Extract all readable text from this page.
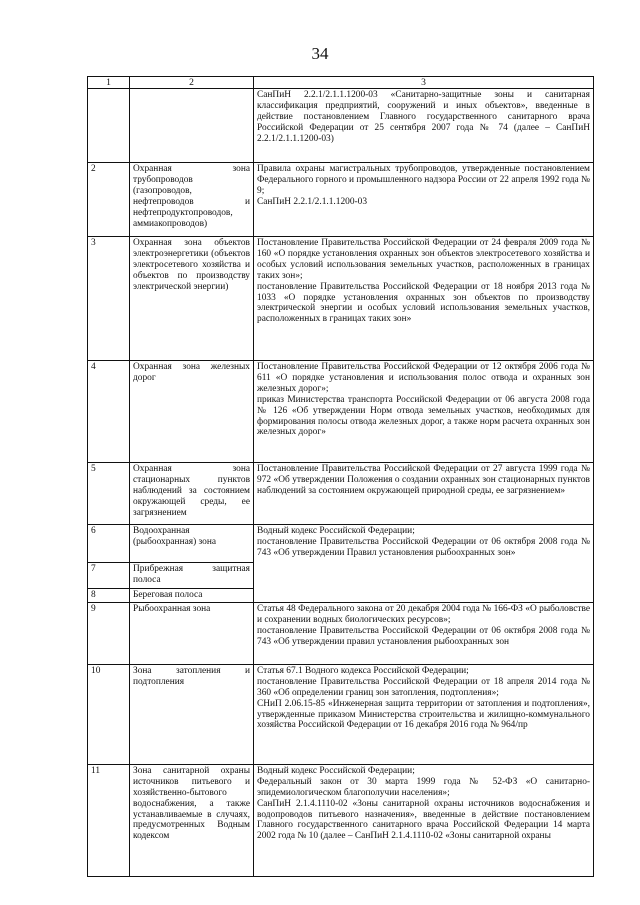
34
1	2	3

		СанПиН 2.2.1/2.1.1.1200-03 «Санитарно-защитные зоны и санитарная классификация предприятий, сооружений и иных объектов», введенные в действие постановлением Главного государственного санитарного врача Российской Федерации от 25 сентября 2007 года № 74 (далее – СанПиН 2.2.1/2.1.1.1200-03)

2	Охранная зона трубопроводов (газопроводов, нефтепроводов и нефтепродуктопроводов, аммиакопроводов)	Правила охраны магистральных трубопроводов, утвержденные постановлением Федерального горного и промышленного надзора России от 22 апреля 1992 года № 9;

СанПиН 2.2.1/2.1.1.1200-03

3	Охранная зона объектов электроэнергетики (объектов электросетевого хозяйства и объектов по производству электрической энергии)	Постановление Правительства Российской Федерации от 24 февраля 2009 года № 160 «О порядке установления охранных зон объектов электросетевого хозяйства и особых условий использования земельных участков, расположенных в границах таких зон»;

постановление Правительства Российской Федерации от 18 ноября 2013 года № 1033 «О порядке установления охранных зон объектов по производству электрической энергии и особых условий использования земельных участков, расположенных в границах таких зон»

4	Охранная зона железных дорог	Постановление Правительства Российской Федерации от 12 октября 2006 года № 611 «О порядке установления и использования полос отвода и охранных зон железных дорог»;

приказ Министерства транспорта Российской Федерации от 06 августа 2008 года № 126 «Об утверждении Норм отвода земельных участков, необходимых для формирования полосы отвода железных дорог, а также норм расчета охранных зон железных дорог»

5	Охранная зона стационарных пунктов наблюдений за состоянием окружающей среды, ее загрязнением	Постановление Правительства Российской Федерации от 27 августа 1999 года № 972 «Об утверждении Положения о создании охранных зон стационарных пунктов наблюдений за состоянием окружающей природной среды, ее загрязнением»

6	Водоохранная (рыбоохранная) зона	Водный кодекс Российской Федерации;

постановление Правительства Российской Федерации от 06 октября 2008 года № 743 «Об утверждении Правил установления рыбоохранных зон»

7	Прибрежная защитная полоса	
8	Береговая полоса	
9	Рыбоохранная зона	Статья 48 Федерального закона от 20 декабря 2004 года № 166-ФЗ «О рыболовстве и сохранении водных биологических ресурсов»;

постановление Правительства Российской Федерации от 06 октября 2008 года № 743 «Об утверждении правил установления рыбоохранных зон

10	Зона затопления и подтопления	Статья 67.1 Водного кодекса Российской Федерации;

постановление Правительства Российской Федерации от 18 апреля 2014 года № 360 «Об определении границ зон затопления, подтопления»;

СНиП 2.06.15-85 «Инженерная защита территории от затопления и подтопления», утвержденные приказом Министерства строительства и жилищно-коммунального хозяйства Российской Федерации от 16 декабря 2016 года № 964/пр

11	Зона санитарной охраны источников питьевого и хозяйственно-бытового водоснабжения, а также устанавливаемые в случаях, предусмотренных Водным кодексом	Водный кодекс Российской Федерации;

Федеральный закон от 30 марта 1999 года № 52-ФЗ «О санитарно-эпидемиологическом благополучии населения»;

СанПиН 2.1.4.1110-02 «Зоны санитарной охраны источников водоснабжения и водопроводов питьевого назначения», введенные в действие постановлением Главного государственного санитарного врача Российской Федерации 14 марта 2002 года № 10 (далее – СанПиН 2.1.4.1110-02 «Зоны санитарной охраны
